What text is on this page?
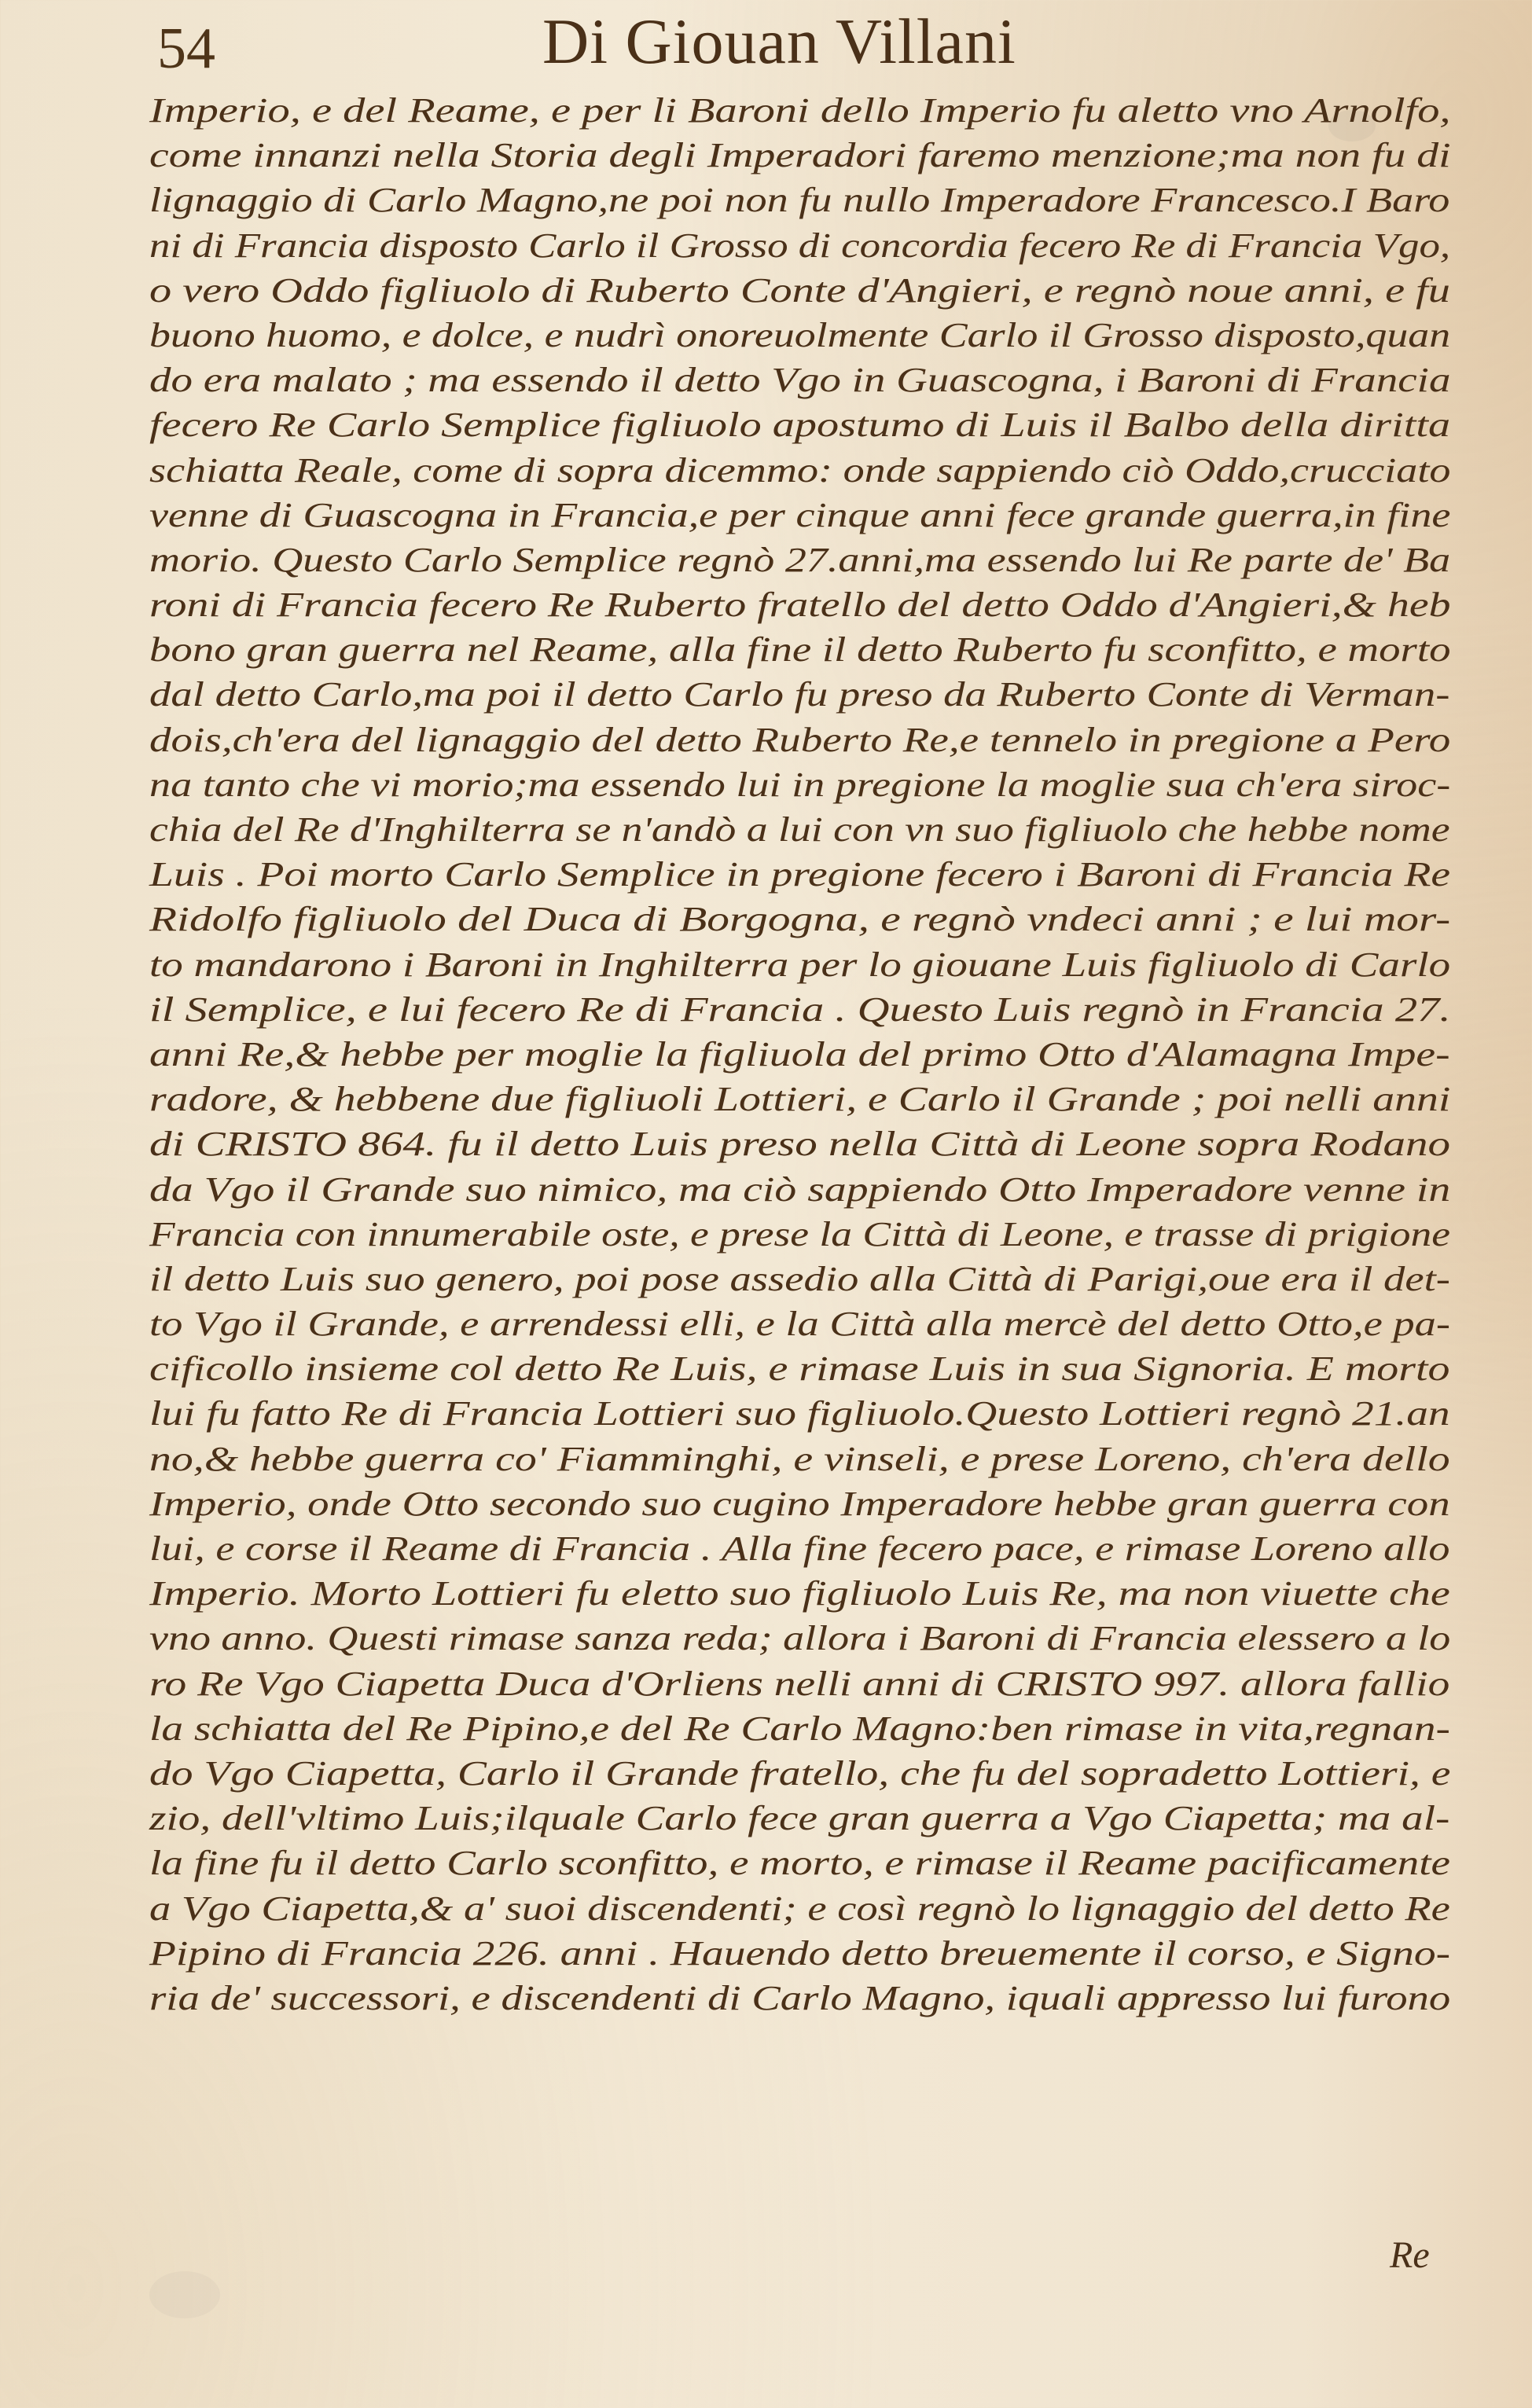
54	Di Giouan Villani
Imperio, e del Reame, e per li Baroni dello Imperio fu aletto vno Arnolfo,
come innanzi nella Storia degli Imperadori faremo menzione;ma non fu di
lignaggio di Carlo Magno,ne poi non fu nullo Imperadore Francesco.I Baro
ni di Francia disposto Carlo il Grosso di concordia fecero Re di Francia Vgo,
o vero Oddo figliuolo di Ruberto Conte d'Angieri, e regnò noue anni, e fu
buono huomo, e dolce, e nudrì onoreuolmente Carlo il Grosso disposto,quan
do era malato ; ma essendo il detto Vgo in Guascogna, i Baroni di Francia
fecero Re Carlo Semplice figliuolo apostumo di Luis il Balbo della diritta
schiatta Reale, come di sopra dicemmo: onde sappiendo ciò Oddo,crucciato
venne di Guascogna in Francia,e per cinque anni fece grande guerra,in fine
morio. Questo Carlo Semplice regnò 27.anni,ma essendo lui Re parte de' Ba
roni di Francia fecero Re Ruberto fratello del detto Oddo d'Angieri,& heb
bono gran guerra nel Reame, alla fine il detto Ruberto fu sconfitto, e morto
dal detto Carlo,ma poi il detto Carlo fu preso da Ruberto Conte di Verman-
dois,ch'era del lignaggio del detto Ruberto Re,e tennelo in pregione a Pero
na tanto che vi morio;ma essendo lui in pregione la moglie sua ch'era siroc-
chia del Re d'Inghilterra se n'andò a lui con vn suo figliuolo che hebbe nome
Luis . Poi morto Carlo Semplice in pregione fecero i Baroni di Francia Re
Ridolfo figliuolo del Duca di Borgogna, e regnò vndeci anni ; e lui mor-
to mandarono i Baroni in Inghilterra per lo giouane Luis figliuolo di Carlo
il Semplice, e lui fecero Re di Francia . Questo Luis regnò in Francia 27.
anni Re,& hebbe per moglie la figliuola del primo Otto d'Alamagna Impe-
radore, & hebbene due figliuoli Lottieri, e Carlo il Grande ; poi nelli anni
di CRISTO 864. fu il detto Luis preso nella Città di Leone sopra Rodano
da Vgo il Grande suo nimico, ma ciò sappiendo Otto Imperadore venne in
Francia con innumerabile oste, e prese la Città di Leone, e trasse di prigione
il detto Luis suo genero, poi pose assedio alla Città di Parigi,oue era il det-
to Vgo il Grande, e arrendessi elli, e la Città alla mercè del detto Otto,e pa-
cificollo insieme col detto Re Luis, e rimase Luis in sua Signoria. E morto
lui fu fatto Re di Francia Lottieri suo figliuolo.Questo Lottieri regnò 21.an
no,& hebbe guerra co' Fiamminghi, e vinseli, e prese Loreno, ch'era dello
Imperio, onde Otto secondo suo cugino Imperadore hebbe gran guerra con
lui, e corse il Reame di Francia . Alla fine fecero pace, e rimase Loreno allo
Imperio. Morto Lottieri fu eletto suo figliuolo Luis Re, ma non viuette che
vno anno. Questi rimase sanza reda; allora i Baroni di Francia elessero a lo
ro Re Vgo Ciapetta Duca d'Orliens nelli anni di CRISTO 997. allora fallio
la schiatta del Re Pipino,e del Re Carlo Magno:ben rimase in vita,regnan-
do Vgo Ciapetta, Carlo il Grande fratello, che fu del sopradetto Lottieri, e
zio, dell'vltimo Luis;ilquale Carlo fece gran guerra a Vgo Ciapetta; ma al-
la fine fu il detto Carlo sconfitto, e morto, e rimase il Reame pacificamente
a Vgo Ciapetta,& a' suoi discendenti; e così regnò lo lignaggio del detto Re
Pipino di Francia 226. anni . Hauendo detto breuemente il corso, e Signo-
ria de' successori, e discendenti di Carlo Magno, iquali appresso lui furono
Re
